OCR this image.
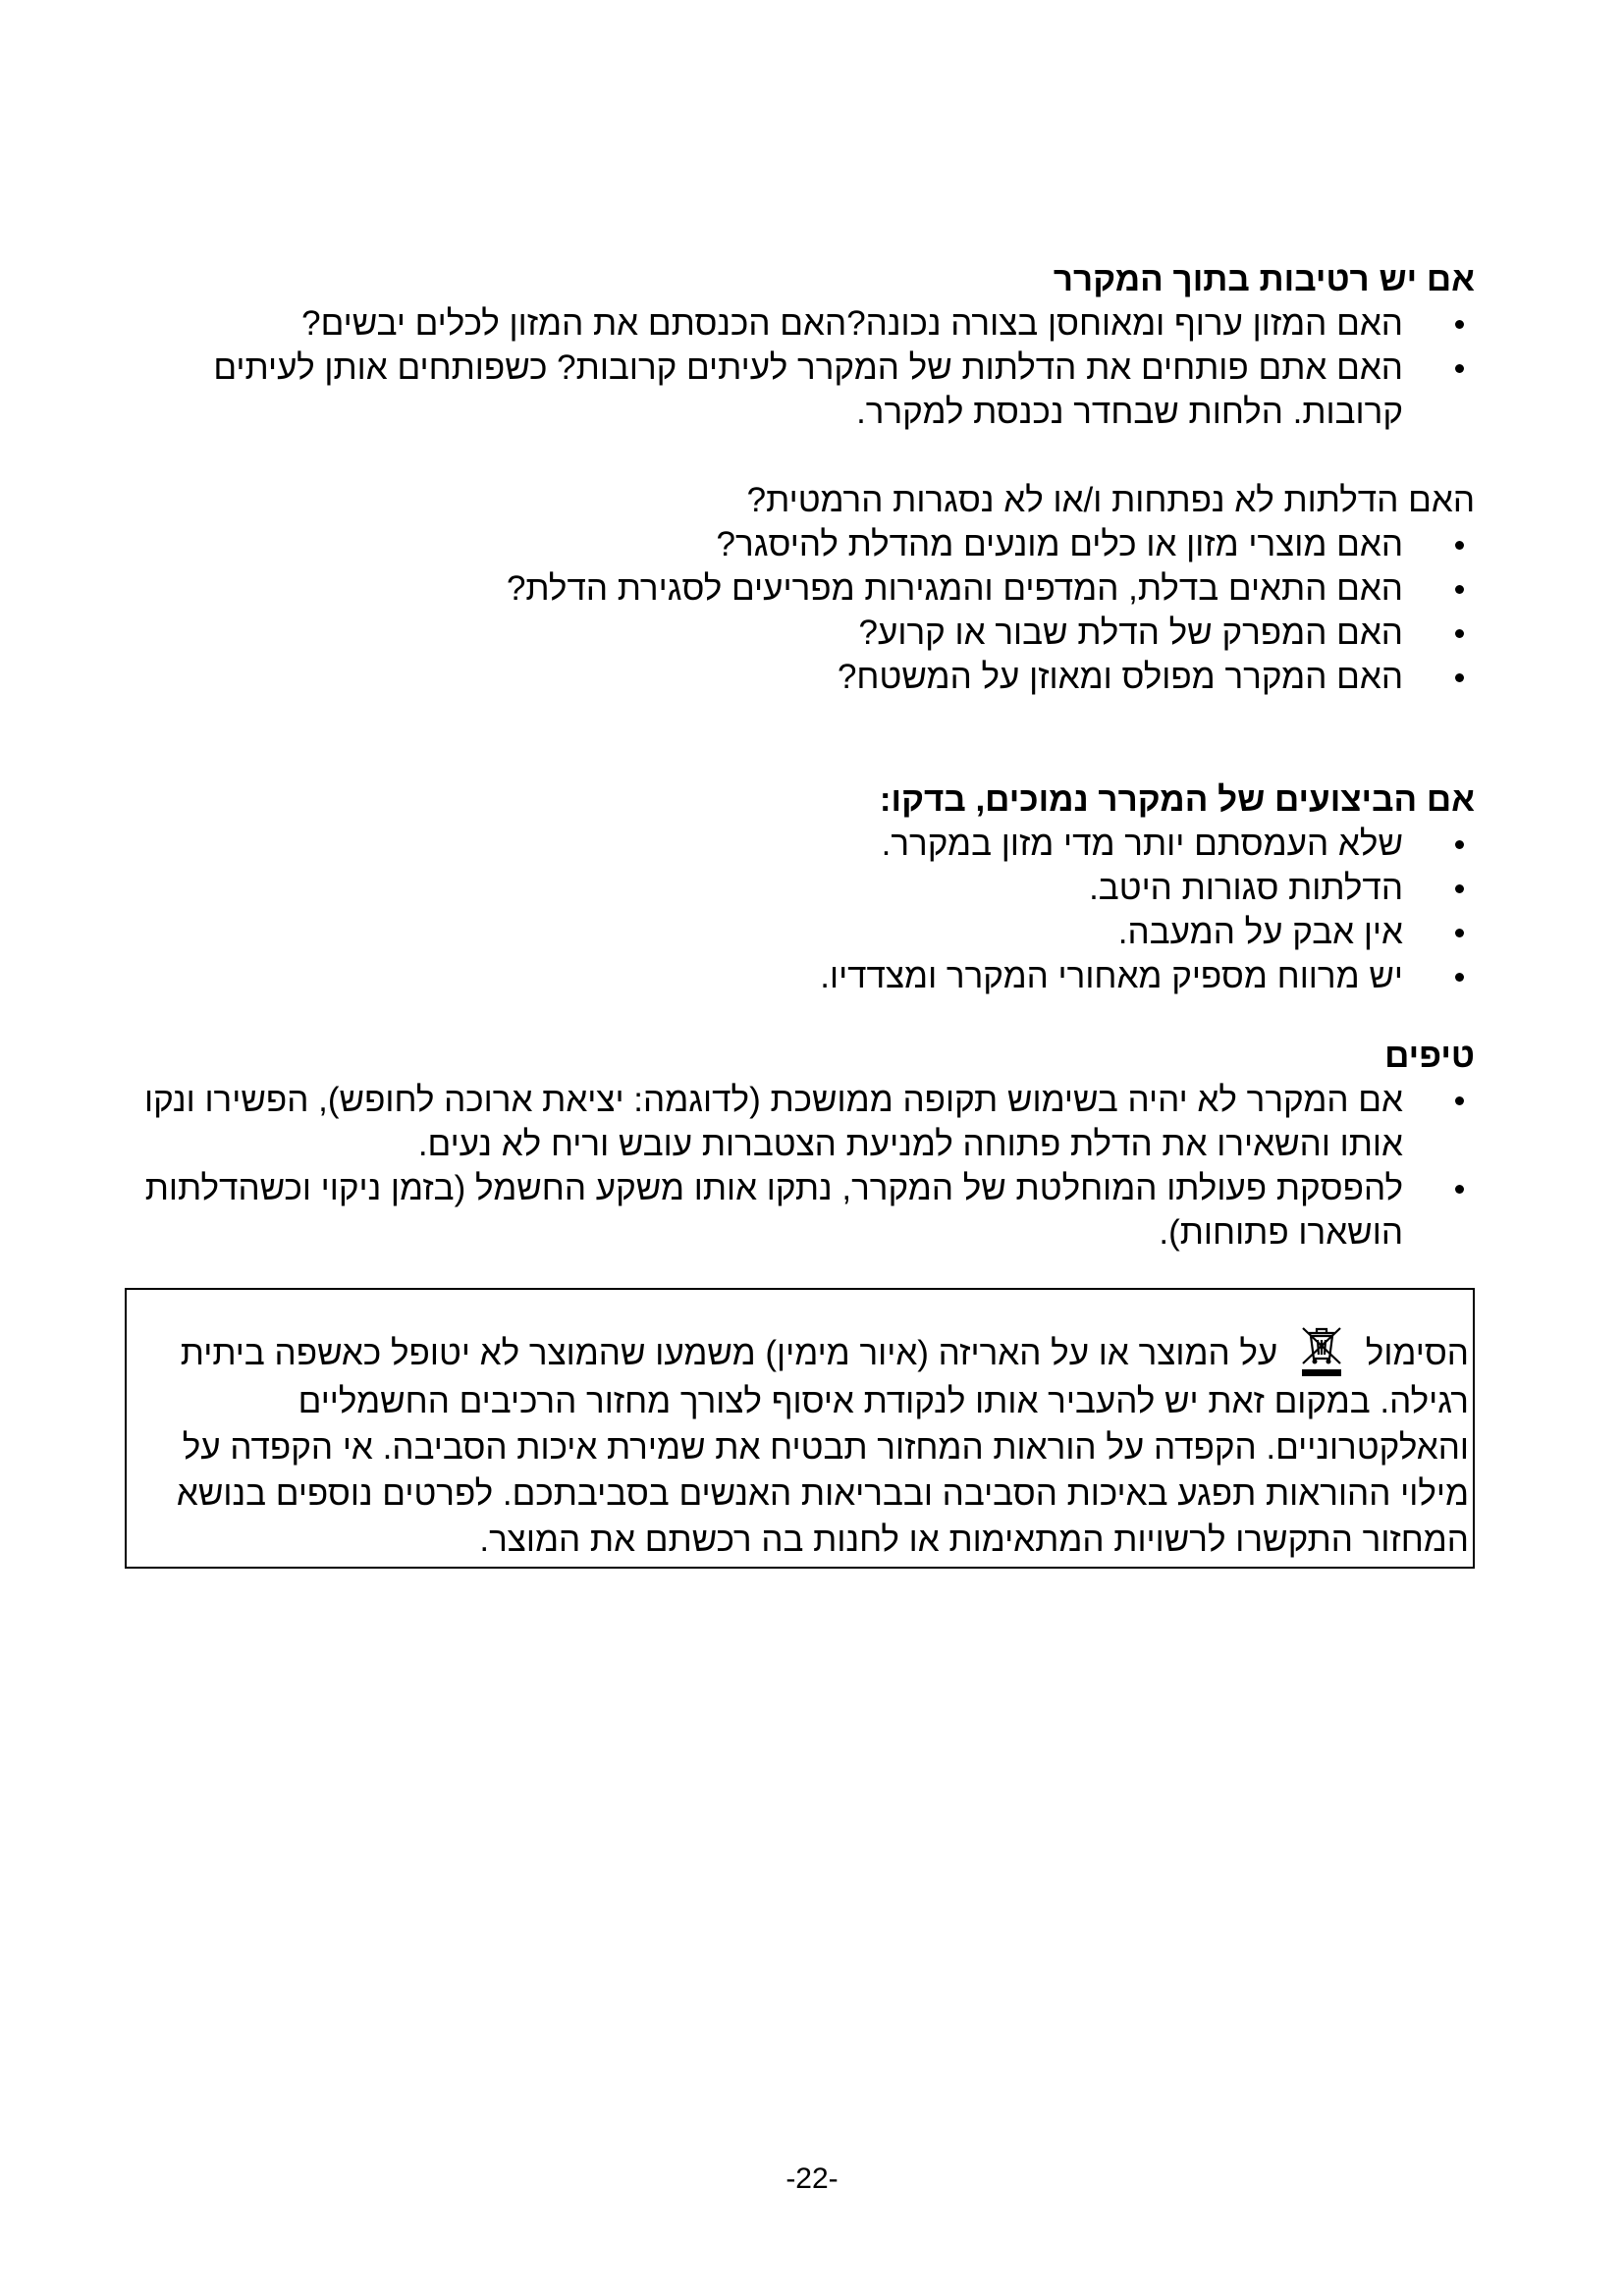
אם יש רטיבות בתוך המקרר

האם המזון ערוף ומאוחסן בצורה נכונה?האם הכנסתם את המזון לכלים יבשים?
האם אתם פותחים את הדלתות של המקרר לעיתים קרובות? כשפותחים אותן לעיתים קרובות. הלחות שבחדר נכנסת למקרר.

האם הדלתות לא נפתחות ו/או לא נסגרות הרמטית?

האם מוצרי מזון או כלים מונעים מהדלת להיסגר?
האם התאים בדלת, המדפים והמגירות מפריעים לסגירת הדלת?
האם המפרק של הדלת שבור או קרוע?
האם המקרר מפולס ומאוזן על המשטח?

אם הביצועים של המקרר נמוכים, בדקו:

שלא העמסתם יותר מדי מזון במקרר.
הדלתות סגורות היטב.
אין אבק על המעבה.
יש מרווח מספיק מאחורי המקרר ומצדדיו.

טיפים

אם המקרר לא יהיה בשימוש תקופה ממושכת (לדוגמה: יציאת ארוכה לחופש), הפשירו ונקו אותו והשאירו את הדלת פתוחה למניעת הצטברות עובש וריח לא נעים.
להפסקת פעולתו המוחלטת של המקרר, נתקו אותו משקע החשמל (בזמן ניקוי וכשהדלתות הושארו פתוחות).
הסימול  על המוצר או על האריזה (איור מימין) משמעו שהמוצר לא יטופל כאשפה ביתית רגילה. במקום זאת יש להעביר אותו לנקודת איסוף לצורך מחזור הרכיבים החשמליים והאלקטרוניים. הקפדה על הוראות המחזור תבטיח את שמירת איכות הסביבה. אי הקפדה על מילוי ההוראות תפגע באיכות הסביבה ובבריאות האנשים בסביבתכם. לפרטים נוספים בנושא המחזור התקשרו לרשויות המתאימות או לחנות בה רכשתם את המוצר.
-22-
